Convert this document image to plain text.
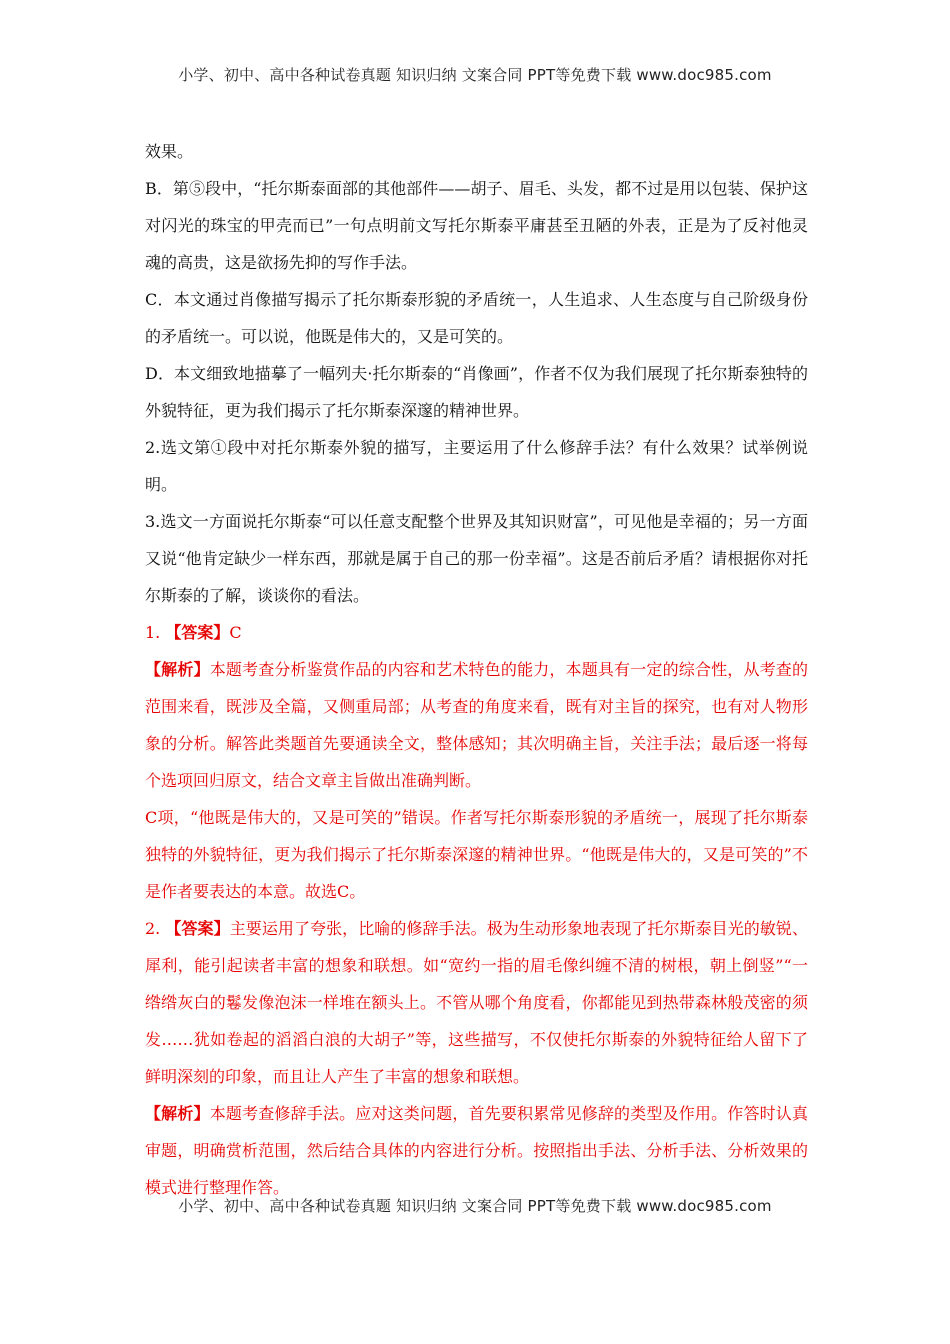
小学、初中、高中各种试卷真题 知识归纳 文案合同 PPT等免费下载 www.doc985.com

效果。

B．第⑤段中，“托尔斯泰面部的其他部件——胡子、眉毛、头发，都不过是用以包装、保护这对闪光的珠宝的甲壳而已”一句点明前文写托尔斯泰平庸甚至丑陋的外表，正是为了反衬他灵魂的高贵，这是欲扬先抑的写作手法。

C．本文通过肖像描写揭示了托尔斯泰形貌的矛盾统一，人生追求、人生态度与自己阶级身份的矛盾统一。可以说，他既是伟大的，又是可笑的。

D．本文细致地描摹了一幅列夫·托尔斯泰的“肖像画”，作者不仅为我们展现了托尔斯泰独特的外貌特征，更为我们揭示了托尔斯泰深邃的精神世界。

2.选文第①段中对托尔斯泰外貌的描写，主要运用了什么修辞手法？有什么效果？试举例说明。

3.选文一方面说托尔斯泰“可以任意支配整个世界及其知识财富”，可见他是幸福的；另一方面又说“他肯定缺少一样东西，那就是属于自己的那一份幸福”。这是否前后矛盾？请根据你对托尔斯泰的了解，谈谈你的看法。

1. 【答案】C

【解析】本题考查分析鉴赏作品的内容和艺术特色的能力，本题具有一定的综合性，从考查的范围来看，既涉及全篇，又侧重局部；从考查的角度来看，既有对主旨的探究，也有对人物形象的分析。解答此类题首先要通读全文，整体感知；其次明确主旨，关注手法；最后逐一将每个选项回归原文，结合文章主旨做出准确判断。

C项，“他既是伟大的，又是可笑的”错误。作者写托尔斯泰形貌的矛盾统一，展现了托尔斯泰独特的外貌特征，更为我们揭示了托尔斯泰深邃的精神世界。“他既是伟大的，又是可笑的”不是作者要表达的本意。故选C。

2. 【答案】主要运用了夸张，比喻的修辞手法。极为生动形象地表现了托尔斯泰目光的敏锐、犀利，能引起读者丰富的想象和联想。如“宽约一指的眉毛像纠缠不清的树根，朝上倒竖”“一绺绺灰白的鬈发像泡沫一样堆在额头上。不管从哪个角度看，你都能见到热带森林般茂密的须发……犹如卷起的滔滔白浪的大胡子”等，这些描写，不仅使托尔斯泰的外貌特征给人留下了鲜明深刻的印象，而且让人产生了丰富的想象和联想。

【解析】本题考查修辞手法。应对这类问题，首先要积累常见修辞的类型及作用。作答时认真审题，明确赏析范围，然后结合具体的内容进行分析。按照指出手法、分析手法、分析效果的模式进行整理作答。

小学、初中、高中各种试卷真题 知识归纳 文案合同 PPT等免费下载 www.doc985.com
